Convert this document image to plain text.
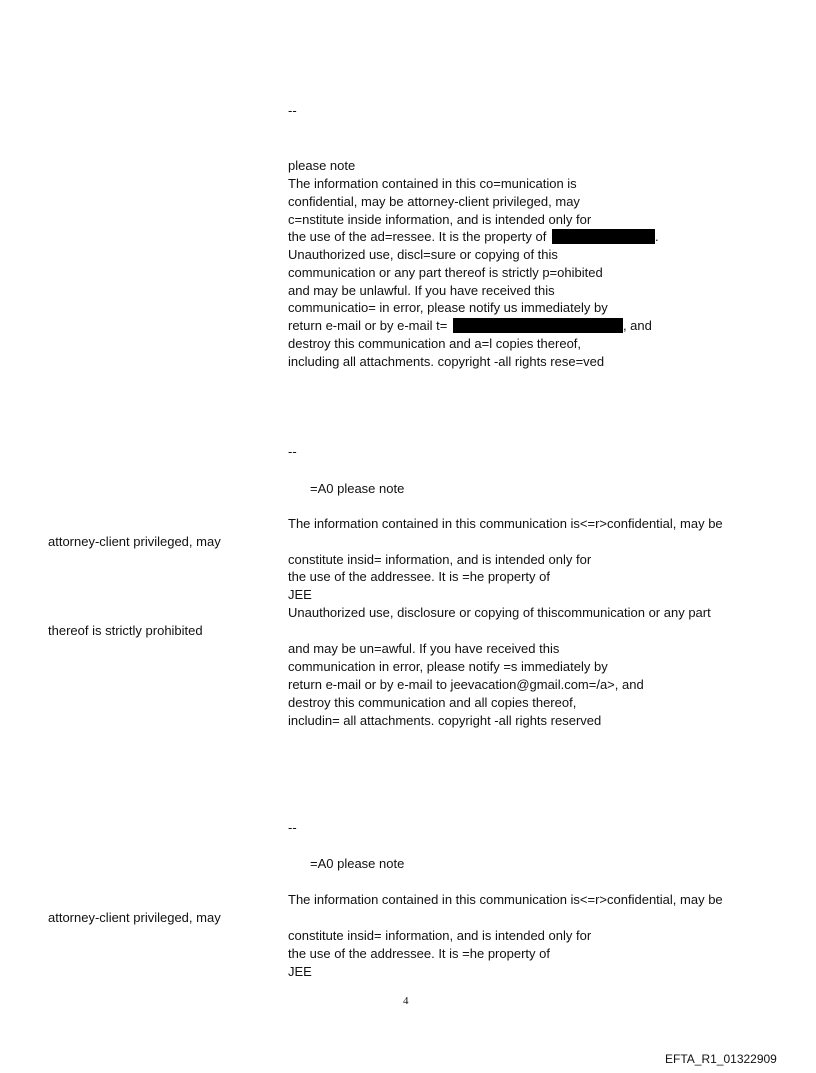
--
please note
The information contained in this co=munication is
confidential, may be attorney-client privileged, may
c=nstitute inside information, and is intended only for
the use of the ad=ressee. It is the property of	.
Unauthorized use, discl=sure or copying of this
communication or any part thereof is strictly p=ohibited
and may be unlawful. If you have received this
communicatio= in error, please notify us immediately by
return e-mail or by e-mail t=	, and
destroy this communication and a=l copies thereof,
including all attachments. copyright -all rights rese=ved
--
=A0 please note
The information contained in this communication is<=r>confidential, may be
attorney-client privileged, may
constitute insid= information, and is intended only for
the use of the addressee. It is =he property of
JEE
Unauthorized use, disclosure or copying of thiscommunication or any part
thereof is strictly prohibited
and may be un=awful. If you have received this
communication in error, please notify =s immediately by
return e-mail or by e-mail to jeevacation@gmail.com=/a>, and
destroy this communication and all copies thereof,
includin= all attachments. copyright -all rights reserved
--
=A0 please note
The information contained in this communication is<=r>confidential, may be
attorney-client privileged, may
constitute insid= information, and is intended only for
the use of the addressee. It is =he property of
JEE
4
EFTA_R1_01322909
